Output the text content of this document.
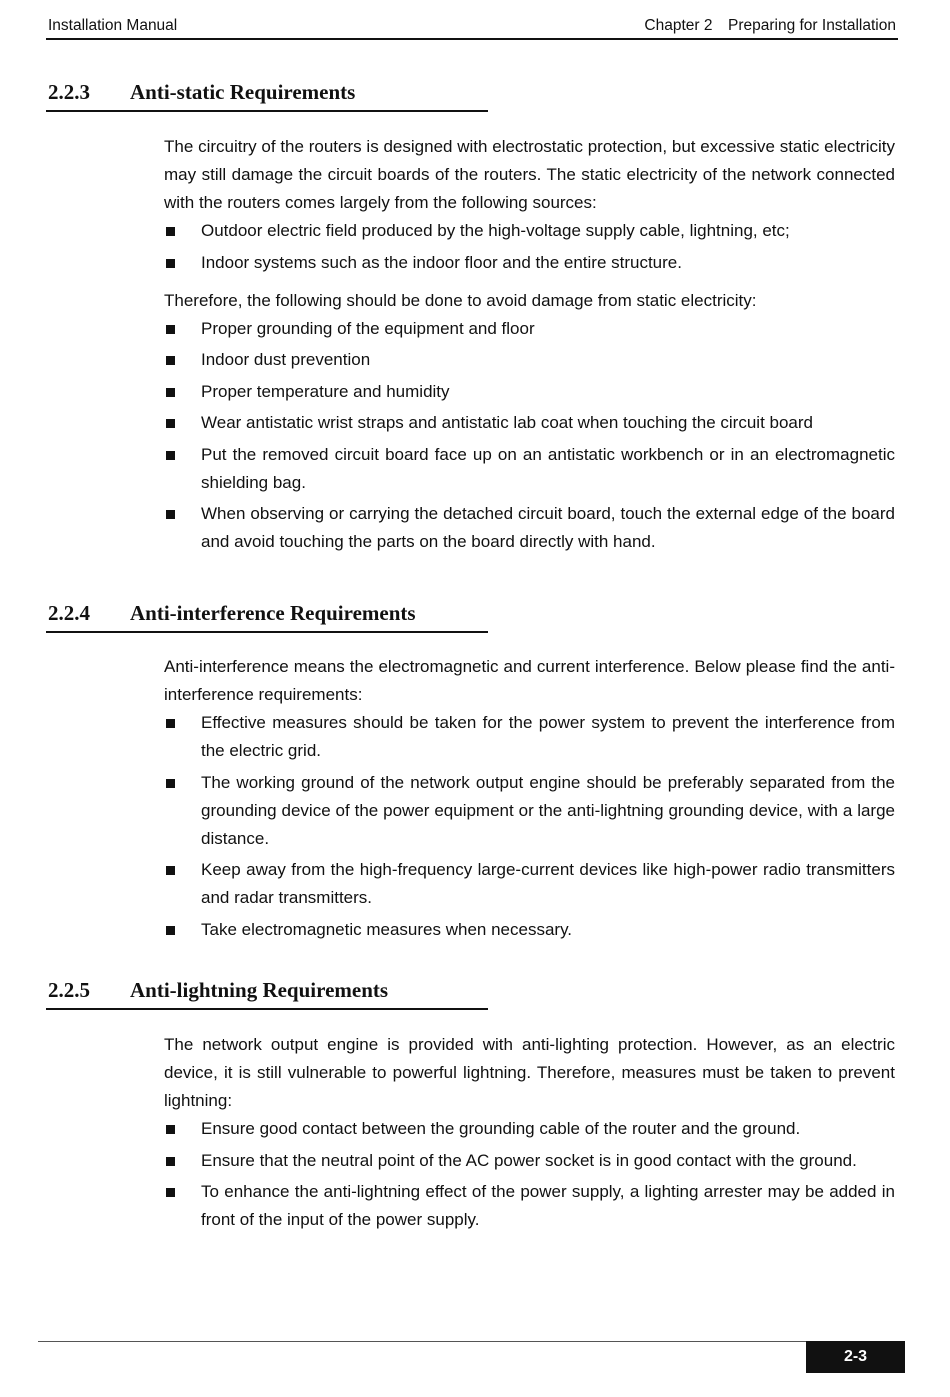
Installation Manual	Chapter 2 Preparing for Installation
2.2.3 Anti-static Requirements

The circuitry of the routers is designed with electrostatic protection, but excessive static electricity may still damage the circuit boards of the routers. The static electricity of the network connected with the routers comes largely from the following sources:

Outdoor electric field produced by the high-voltage supply cable, lightning, etc;
Indoor systems such as the indoor floor and the entire structure.

Therefore, the following should be done to avoid damage from static electricity:

Proper grounding of the equipment and floor
Indoor dust prevention
Proper temperature and humidity
Wear antistatic wrist straps and antistatic lab coat when touching the circuit board
Put the removed circuit board face up on an antistatic workbench or in an electromagnetic shielding bag.
When observing or carrying the detached circuit board, touch the external edge of the board and avoid touching the parts on the board directly with hand.
2.2.4 Anti-interference Requirements

Anti-interference means the electromagnetic and current interference. Below please find the anti-interference requirements:

Effective measures should be taken for the power system to prevent the interference from the electric grid.
The working ground of the network output engine should be preferably separated from the grounding device of the power equipment or the anti-lightning grounding device, with a large distance.
Keep away from the high-frequency large-current devices like high-power radio transmitters and radar transmitters.
Take electromagnetic measures when necessary.
2.2.5 Anti-lightning Requirements

The network output engine is provided with anti-lighting protection. However, as an electric device, it is still vulnerable to powerful lightning. Therefore, measures must be taken to prevent lightning:

Ensure good contact between the grounding cable of the router and the ground.
Ensure that the neutral point of the AC power socket is in good contact with the ground.
To enhance the anti-lightning effect of the power supply, a lighting arrester may be added in front of the input of the power supply.
2-3
